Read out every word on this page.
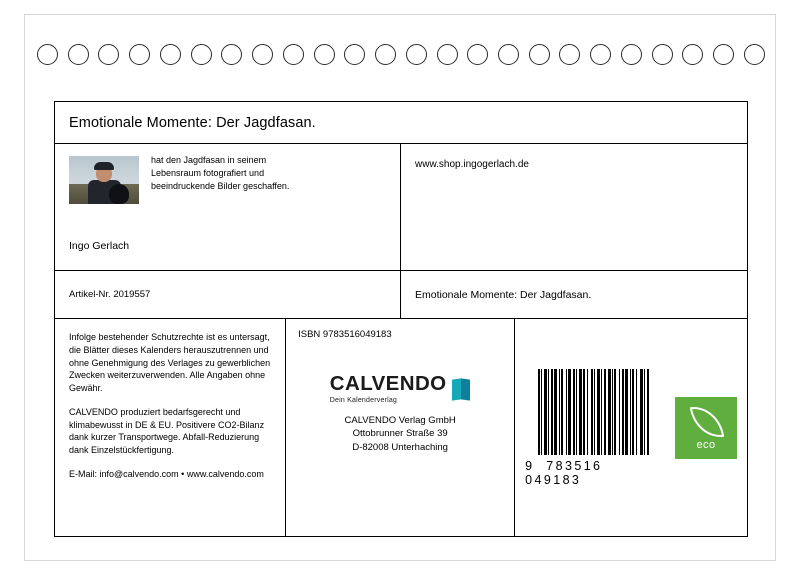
Emotionale Momente: Der Jagdfasan.
hat den Jagdfasan in seinem Lebensraum fotografiert und beeindruckende Bilder geschaffen.
Ingo Gerlach
www.shop.ingogerlach.de
Artikel-Nr. 2019557	Emotionale Momente: Der Jagdfasan.

Infolge bestehender Schutzrechte ist es untersagt, die Blätter dieses Kalenders herauszutrennen und ohne Genehmigung des Verlages zu gewerblichen Zwecken weiterzuverwenden. Alle Angaben ohne Gewähr.

CALVENDO produziert bedarfsgerecht und klimabewusst in DE & EU. Positivere CO2-Bilanz dank kurzer Transportwege. Abfall-Reduzierung dank Einzelstückfertigung.

E-Mail: info@calvendo.com • www.calvendo.com

ISBN 9783516049183
CALVENDO
Dein Kalenderverlag
CALVENDO Verlag GmbH
Ottobrunner Straße 39
D-82008 Unterhaching
9 783516 049183
eco
